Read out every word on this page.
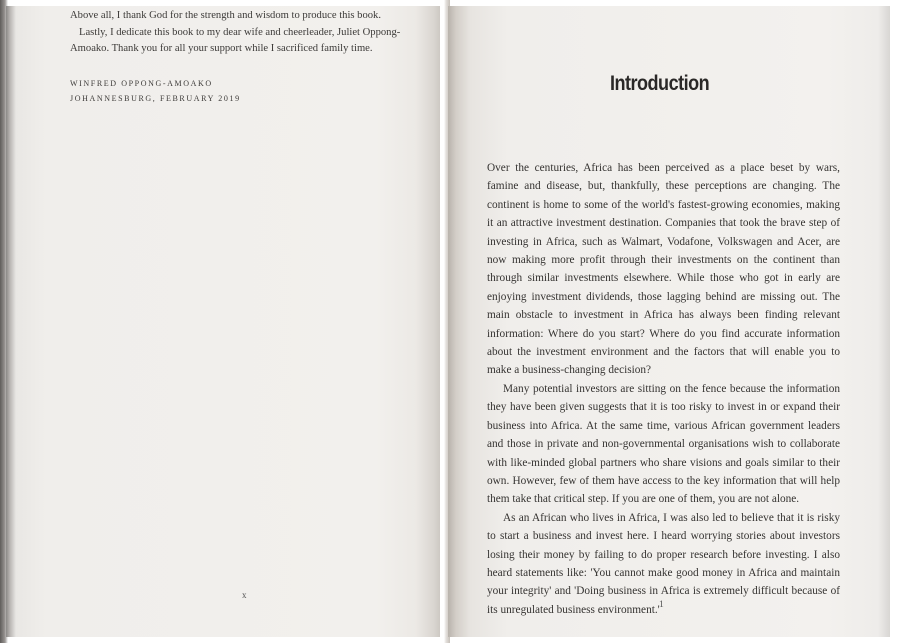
Above all, I thank God for the strength and wisdom to produce this book.

Lastly, I dedicate this book to my dear wife and cheerleader, Juliet Oppong-Amoako. Thank you for all your support while I sacrificed family time.

WINFRED OPPONG-AMOAKO
JOHANNESBURG, FEBRUARY 2019
x
Introduction

Over the centuries, Africa has been perceived as a place beset by wars, famine and disease, but, thankfully, these perceptions are changing. The continent is home to some of the world's fastest-growing economies, making it an attractive investment destination. Companies that took the brave step of investing in Africa, such as Walmart, Vodafone, Volkswagen and Acer, are now making more profit through their investments on the continent than through similar investments elsewhere. While those who got in early are enjoying investment dividends, those lagging behind are missing out. The main obstacle to investment in Africa has always been finding relevant information: Where do you start? Where do you find accurate information about the investment environment and the factors that will enable you to make a business-changing decision?

Many potential investors are sitting on the fence because the information they have been given suggests that it is too risky to invest in or expand their business into Africa. At the same time, various African government leaders and those in private and non-governmental organisations wish to collaborate with like-minded global partners who share visions and goals similar to their own. However, few of them have access to the key information that will help them take that critical step. If you are one of them, you are not alone.

As an African who lives in Africa, I was also led to believe that it is risky to start a business and invest here. I heard worrying stories about investors losing their money by failing to do proper research before investing. I also heard statements like: 'You cannot make good money in Africa and maintain your integrity' and 'Doing business in Africa is extremely difficult because of its unregulated business environment.' 1
